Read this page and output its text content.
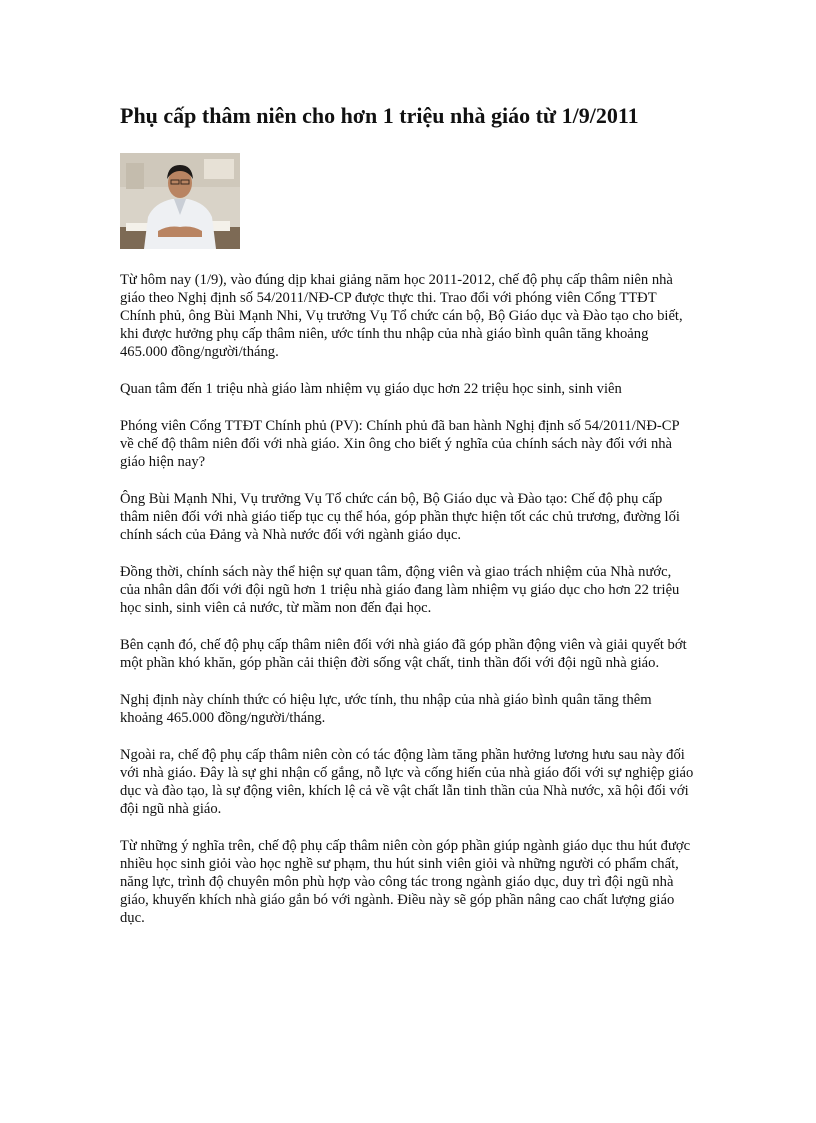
Phụ cấp thâm niên cho hơn 1 triệu nhà giáo từ 1/9/2011

Từ hôm nay (1/9), vào đúng dịp khai giảng năm học 2011-2012, chế độ phụ cấp thâm niên nhà giáo theo Nghị định số 54/2011/NĐ-CP được thực thi. Trao đổi với phóng viên Cổng TTĐT Chính phủ, ông Bùi Mạnh Nhi, Vụ trưởng Vụ Tổ chức cán bộ, Bộ Giáo dục và Đào tạo cho biết, khi được hưởng phụ cấp thâm niên, ước tính thu nhập của nhà giáo bình quân tăng khoảng 465.000 đồng/người/tháng.

Quan tâm đến 1 triệu nhà giáo làm nhiệm vụ giáo dục hơn 22 triệu học sinh, sinh viên

Phóng viên Cổng TTĐT Chính phủ (PV): Chính phủ đã ban hành Nghị định số 54/2011/NĐ-CP về chế độ thâm niên đối với nhà giáo. Xin ông cho biết ý nghĩa của chính sách này đối với nhà giáo hiện nay?

Ông Bùi Mạnh Nhi, Vụ trưởng Vụ Tổ chức cán bộ, Bộ Giáo dục và Đào tạo: Chế độ phụ cấp thâm niên đối với nhà giáo tiếp tục cụ thể hóa, góp phần thực hiện tốt các chủ trương, đường lối chính sách của Đảng và Nhà nước đối với ngành giáo dục.

Đồng thời, chính sách này thể hiện sự quan tâm, động viên và giao trách nhiệm của Nhà nước, của nhân dân đối với đội ngũ hơn 1 triệu nhà giáo đang làm nhiệm vụ giáo dục cho hơn 22 triệu học sinh, sinh viên cả nước, từ mầm non đến đại học.

Bên cạnh đó, chế độ phụ cấp thâm niên đối với nhà giáo đã góp phần động viên và giải quyết bớt một phần khó khăn, góp phần cải thiện đời sống vật chất, tinh thần đối với đội ngũ nhà giáo.

Nghị định này chính thức có hiệu lực, ước tính, thu nhập của nhà giáo bình quân tăng thêm khoảng 465.000 đồng/người/tháng.

Ngoài ra, chế độ phụ cấp thâm niên còn có tác động làm tăng phần hưởng lương hưu sau này đối với nhà giáo. Đây là sự ghi nhận cố gắng, nỗ lực và cống hiến của nhà giáo đối với sự nghiệp giáo dục và đào tạo, là sự động viên, khích lệ cả về vật chất lẫn tinh thần của Nhà nước, xã hội đối với đội ngũ nhà giáo.

Từ những ý nghĩa trên, chế độ phụ cấp thâm niên còn góp phần giúp ngành giáo dục thu hút được nhiều học sinh giỏi vào học nghề sư phạm, thu hút sinh viên giỏi và những người có phẩm chất, năng lực, trình độ chuyên môn phù hợp vào công tác trong ngành giáo dục, duy trì đội ngũ nhà giáo, khuyến khích nhà giáo gắn bó với ngành. Điều này sẽ góp phần nâng cao chất lượng giáo dục.
